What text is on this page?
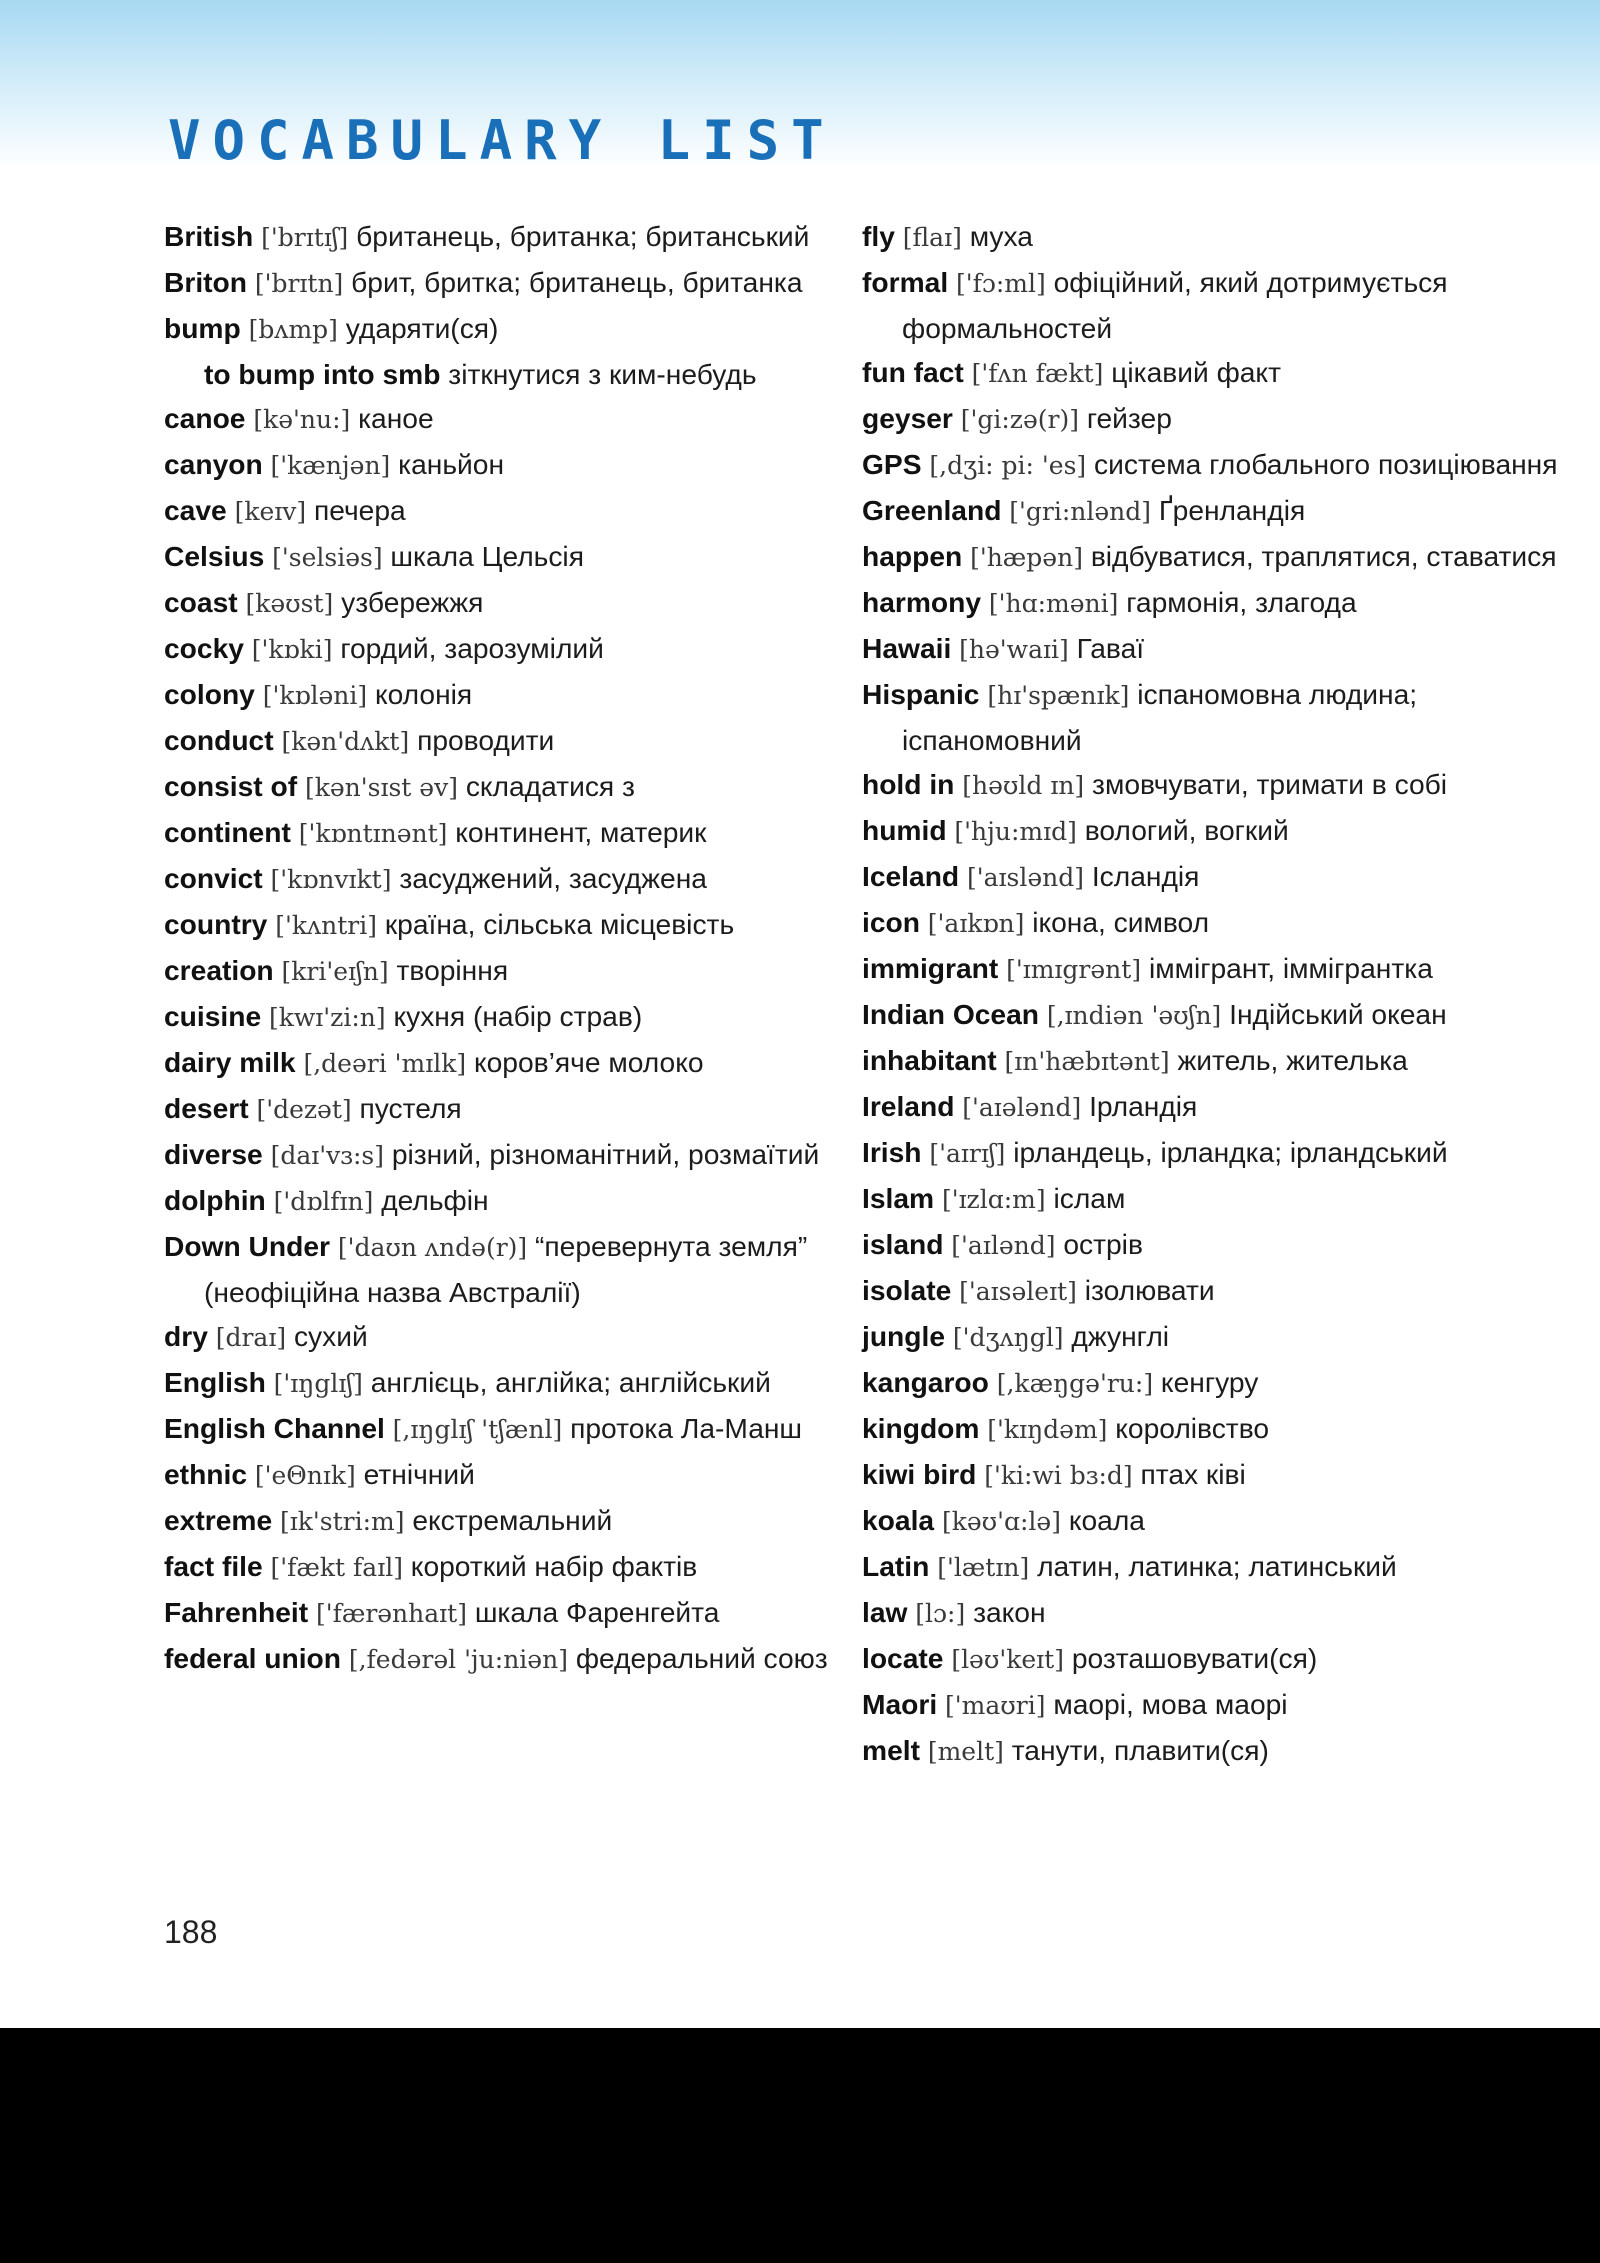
VOCABULARY LIST

British ['brɪtɪʃ] британець, британка; британський

Briton ['brɪtn] брит, бритка; британець, британка

bump [bʌmp] ударяти(ся)

to bump into smb зіткнутися з ким-небудь

canoe [kə'nu:] каное

canyon ['kænjən] каньйон

cave [keɪv] печера

Celsius ['selsiəs] шкала Цельсія

coast [kəʊst] узбережжя

cocky ['kɒki] гордий, зарозумілий

colony ['kɒləni] колонія

conduct [kən'dʌkt] проводити

consist of [kən'sɪst əv] складатися з

continent ['kɒntɪnənt] континент, материк

convict ['kɒnvɪkt] засуджений, засуджена

country ['kʌntri] країна, сільська місцевість

creation [kri'eɪʃn] творіння

cuisine [kwɪ'zi:n] кухня (набір страв)

dairy milk [,deəri 'mɪlk] коров’яче молоко

desert ['dezət] пустеля

diverse [daɪ'vɜ:s] різний, різноманітний, розмаїтий

dolphin ['dɒlfɪn] дельфін

Down Under ['daʊn ʌndə(r)] “перевернута земля” (неофіційна назва Австралії)

dry [draɪ] сухий

English ['ɪŋglɪʃ] англієць, англійка; англійський

English Channel [,ɪŋglɪʃ 'tʃænl] протока Ла-Манш

ethnic ['eΘnɪk] етнічний

extreme [ɪk'stri:m] екстремальний

fact file ['fækt faɪl] короткий набір фактів

Fahrenheit ['færənhaɪt] шкала Фаренгейта

federal union [,fedərəl 'ju:niən] федеральний союз

fly [flaɪ] муха

formal ['fɔ:ml] офіційний, який дотримується формальностей

fun fact ['fʌn fækt] цікавий факт

geyser ['gi:zə(r)] гейзер

GPS [,dʒi: pi: 'es] система глобального позиціювання

Greenland ['gri:nlənd] Ґренландія

happen ['hæpən] відбуватися, траплятися, ставатися

harmony ['hɑ:məni] гармонія, злагода

Hawaii [hə'waɪi] Гаваї

Hispanic [hɪ'spænɪk] іспаномовна людина; іспаномовний

hold in [həʊld ɪn] змовчувати, тримати в собі

humid ['hju:mɪd] вологий, вогкий

Iceland ['aɪslənd] Ісландія

icon ['aɪkɒn] ікона, символ

immigrant ['ɪmɪgrənt] іммігрант, іммігрантка

Indian Ocean [,ɪndiən 'əʊʃn] Індійський океан

inhabitant [ɪn'hæbɪtənt] житель, жителька

Ireland ['aɪələnd] Ірландія

Irish ['aɪrɪʃ] ірландець, ірландка; ірландський

Islam ['ɪzlɑ:m] іслам

island ['aɪlənd] острів

isolate ['aɪsəleɪt] ізолювати

jungle ['dʒʌŋgl] джунглі

kangaroo [,kæŋgə'ru:] кенгуру

kingdom ['kɪŋdəm] королівство

kiwi bird ['ki:wi bɜ:d] птах ківі

koala [kəʊ'ɑ:lə] коала

Latin ['lætɪn] латин, латинка; латинський

law [lɔ:] закон

locate [ləʊ'keɪt] розташовувати(ся)

Maori ['maʊri] маорі, мова маорі

melt [melt] танути, плавити(ся)

188
